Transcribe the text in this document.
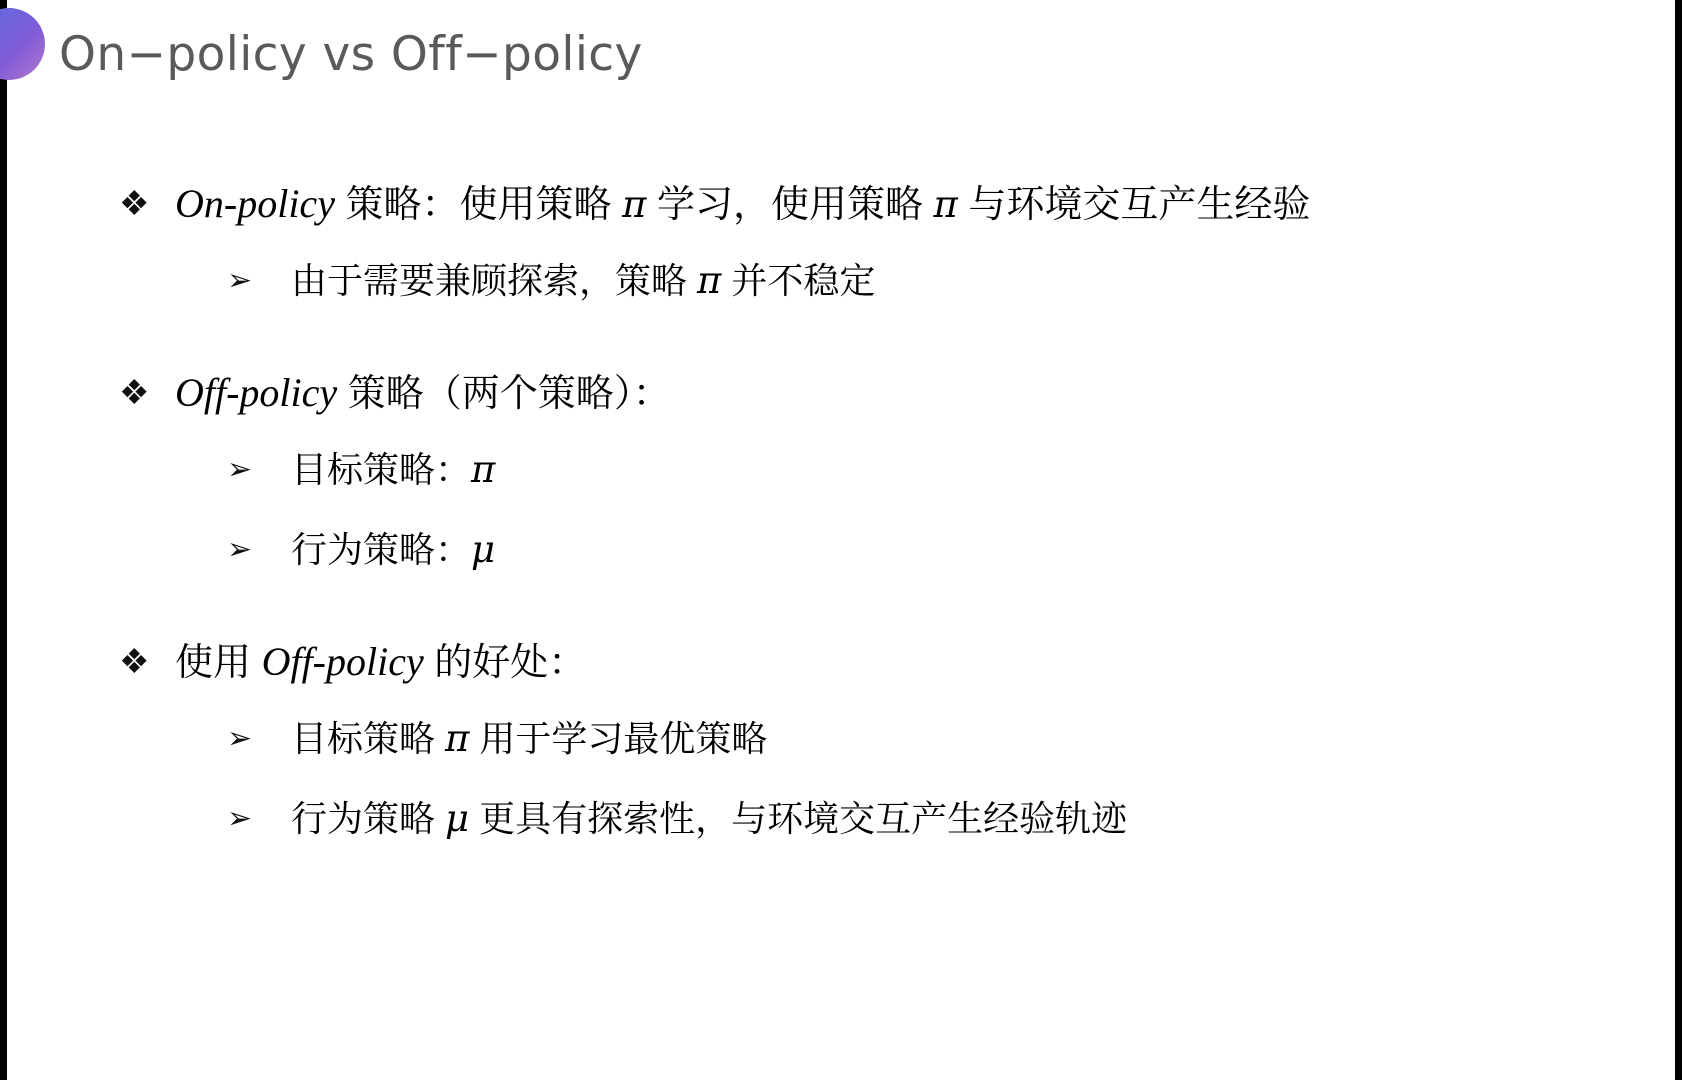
On−policy vs Off−policy
❖ On-policy 策略：使用策略 π 学习，使用策略 π 与环境交互产生经验
➢ 由于需要兼顾探索，策略 π 并不稳定
❖ Off-policy 策略（两个策略）：
➢ 目标策略：π
➢ 行为策略：μ
❖ 使用 Off-policy 的好处：
➢ 目标策略 π 用于学习最优策略
➢ 行为策略 μ 更具有探索性，与环境交互产生经验轨迹
